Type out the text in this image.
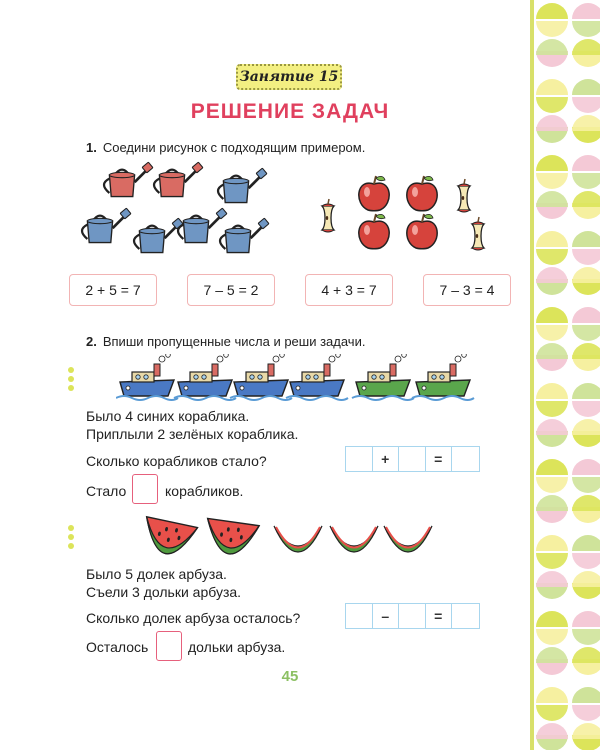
Занятие 15
РЕШЕНИЕ ЗАДАЧ
1. Соедини рисунок с подходящим примером.
2 + 5 = 7	7 – 5 = 2	4 + 3 = 7	7 – 3 = 4
2. Впиши пропущенные числа и реши задачи.
Было 4 синих кораблика.
Приплыли 2 зелёных кораблика.
Сколько корабликов стало?	+	=
Стало	корабликов.
Было 5 долек арбуза.
Съели 3 дольки арбуза.
Сколько долек арбуза осталось?	–	=
Осталось	дольки арбуза.
45
